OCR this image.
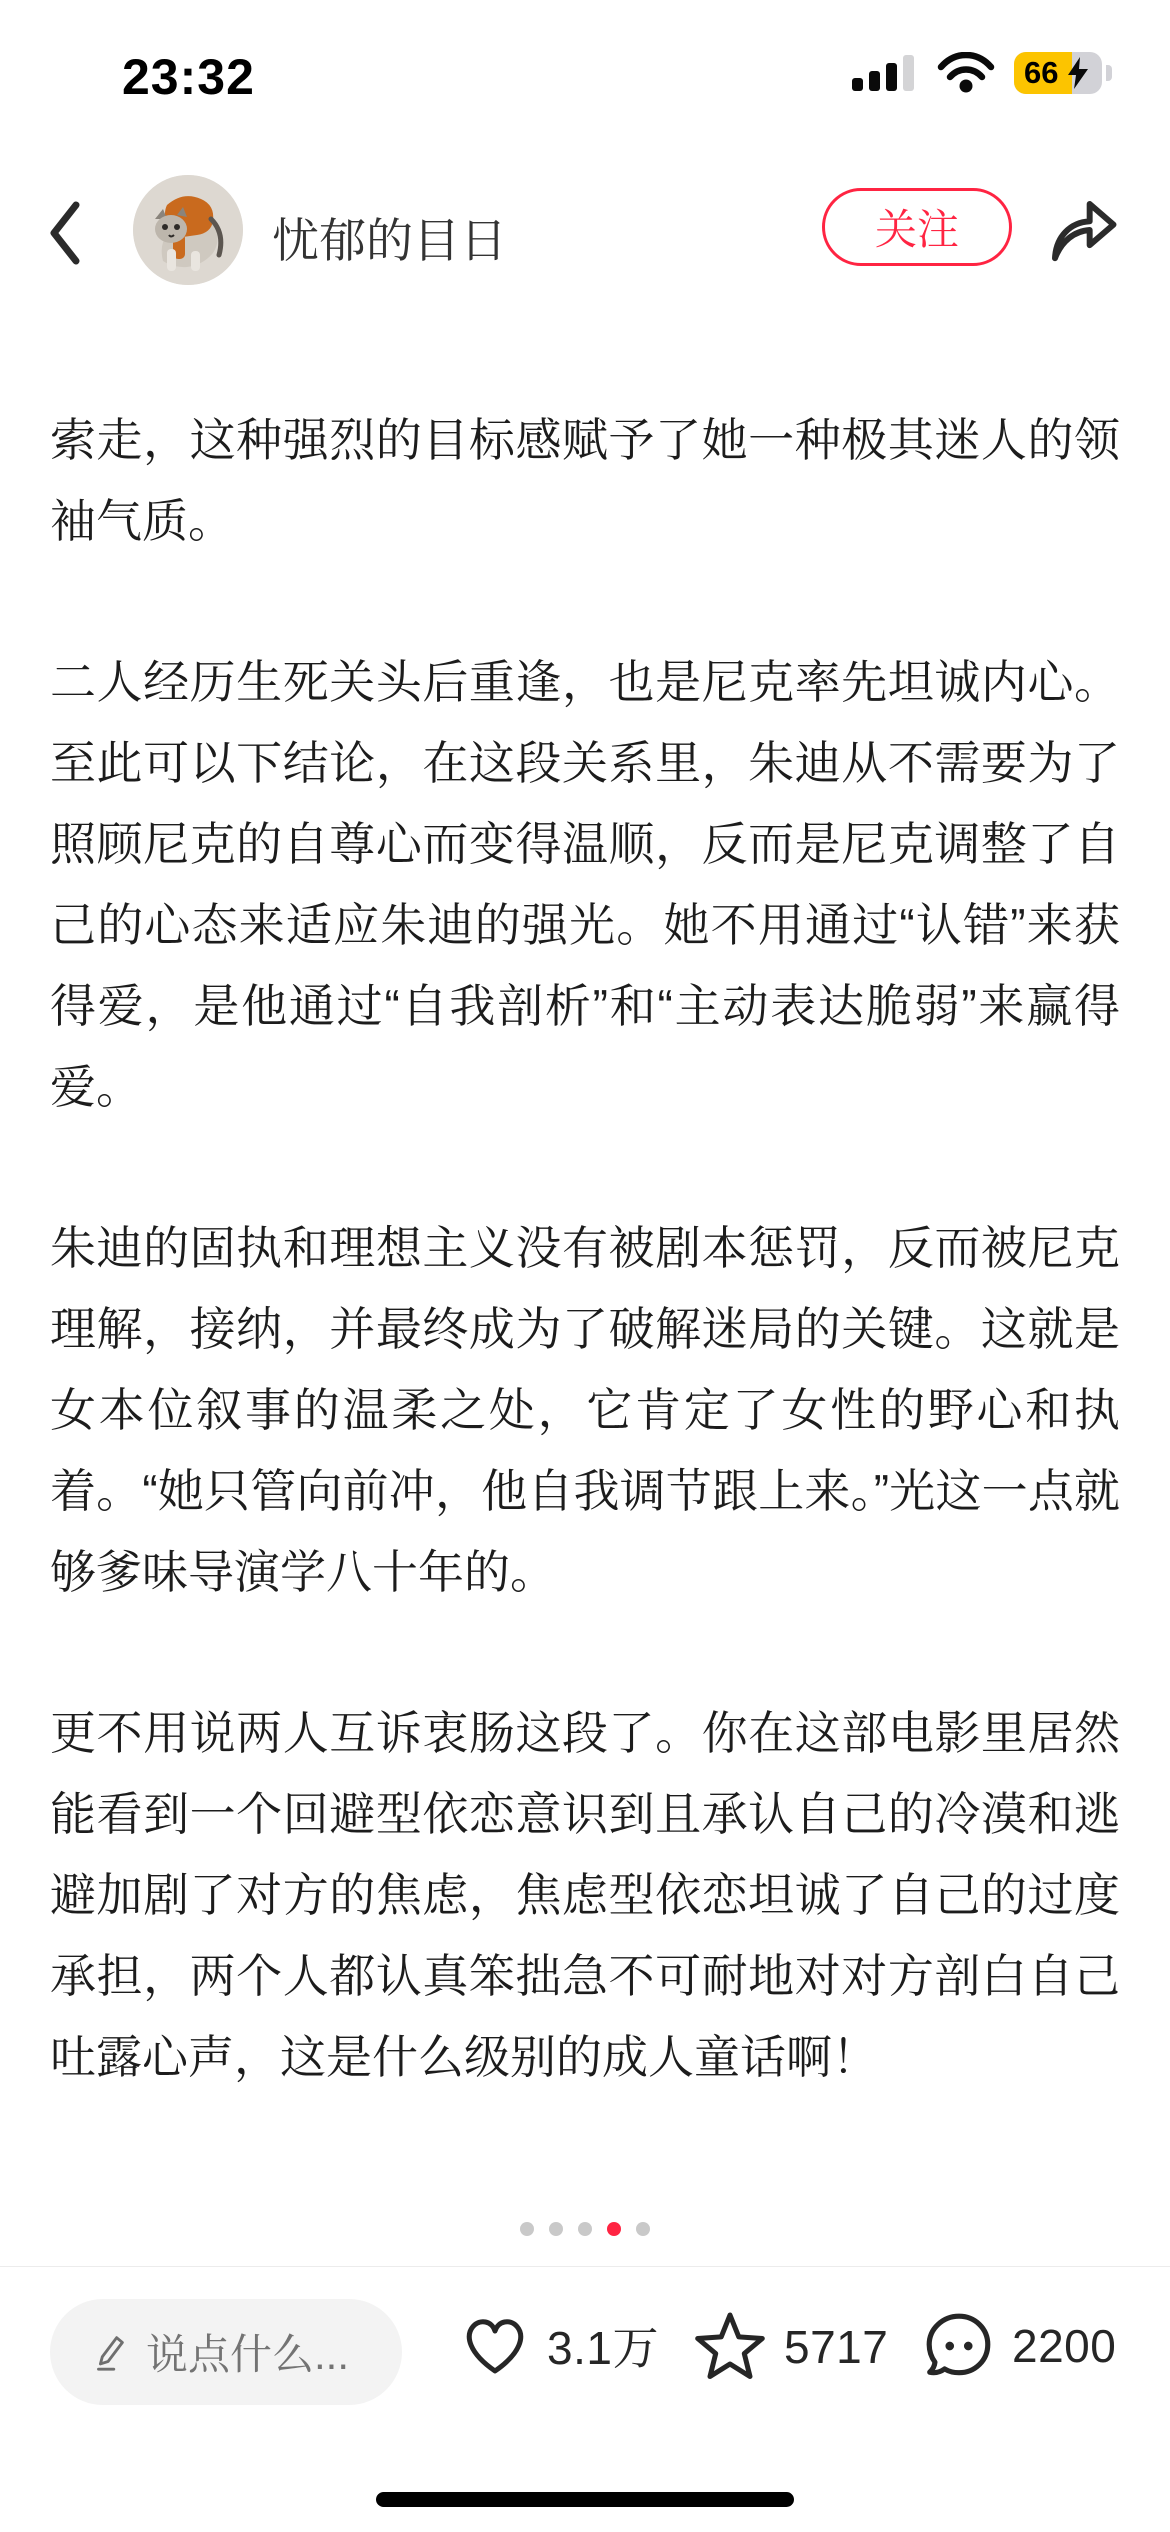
23:32	66
忧郁的目日	关注

索走，这种强烈的目标感赋予了她一种极其迷人的领袖气质。

二人经历生死关头后重逢，也是尼克率先坦诚内心。至此可以下结论，在这段关系里，朱迪从不需要为了照顾尼克的自尊心而变得温顺，反而是尼克调整了自己的心态来适应朱迪的强光。她不用通过“认错”来获得爱，是他通过“自我剖析”和“主动表达脆弱”来赢得爱。

朱迪的固执和理想主义没有被剧本惩罚，反而被尼克理解，接纳，并最终成为了破解迷局的关键。这就是女本位叙事的温柔之处，它肯定了女性的野心和执着。“她只管向前冲，他自我调节跟上来。”光这一点就够爹味导演学八十年的。

更不用说两人互诉衷肠这段了。你在这部电影里居然能看到一个回避型依恋意识到且承认自己的冷漠和逃避加剧了对方的焦虑，焦虑型依恋坦诚了自己的过度承担，两个人都认真笨拙急不可耐地对对方剖白自己吐露心声，这是什么级别的成人童话啊！

说点什么...	3.1万	5717	2200
